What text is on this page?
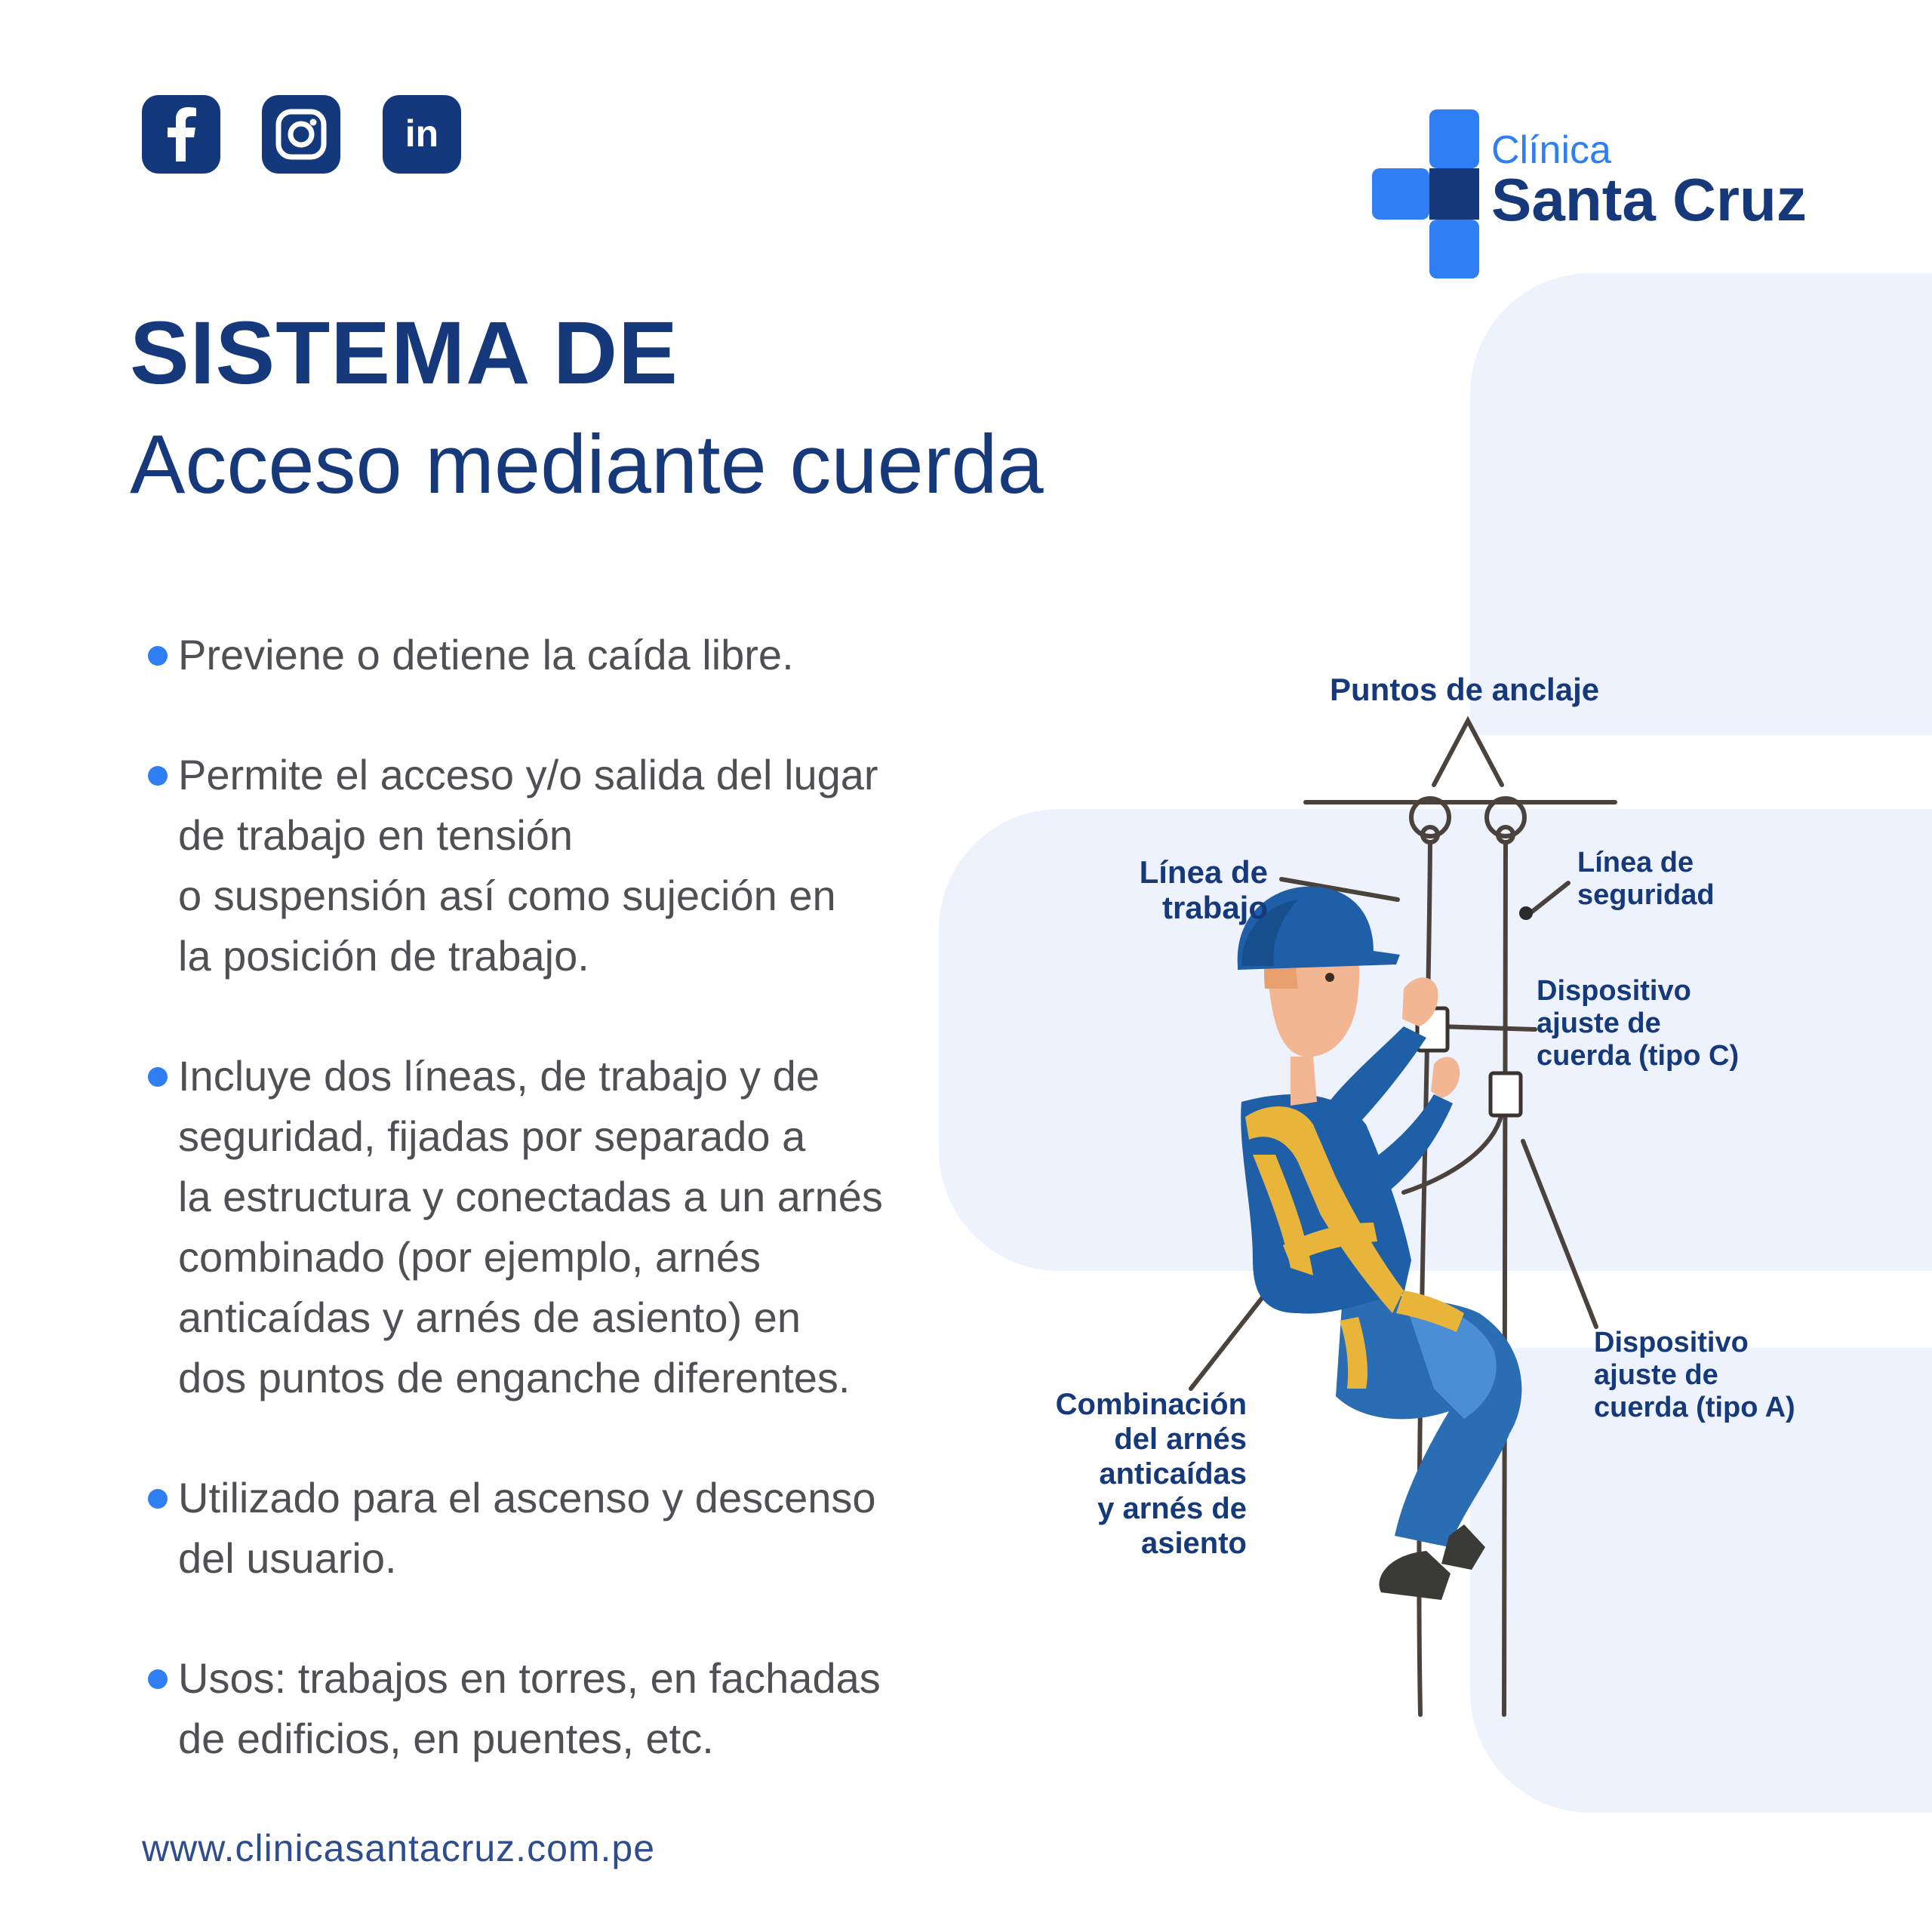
in	Clínica
Santa Cruz
SISTEMA DE
Acceso mediante cuerda
Previene o detiene la caída libre.
Permite el acceso y/o salida del lugar
de trabajo en tensión
o suspensión así como sujeción en
la posición de trabajo.
Incluye dos líneas, de trabajo y de
seguridad, fijadas por separado a
la estructura y conectadas a un arnés
combinado (por ejemplo, arnés
anticaídas y arnés de asiento) en
dos puntos de enganche diferentes.
Utilizado para el ascenso y descenso
del usuario.
Usos: trabajos en torres, en fachadas
de edificios, en puentes, etc.
Puntos de anclaje
Línea de
trabajo
Línea de
seguridad
Dispositivo
ajuste de
cuerda (tipo C)
Dispositivo
ajuste de
cuerda (tipo A)
Combinación
del arnés
anticaídas
y arnés de
asiento
www.clinicasantacruz.com.pe
